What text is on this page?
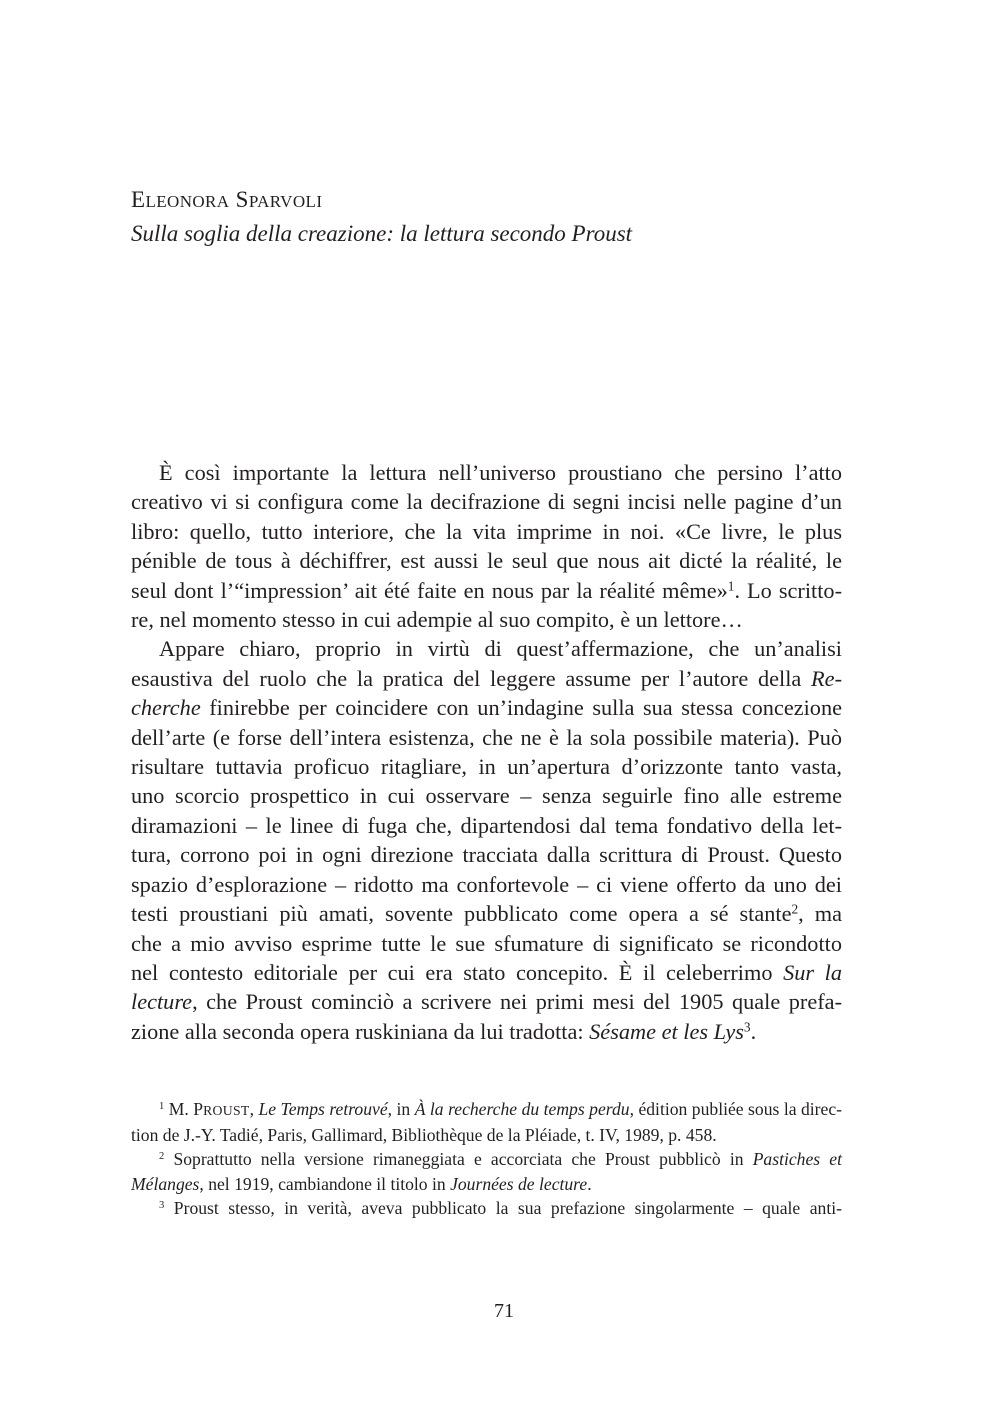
ELEONORA SPARVOLI
Sulla soglia della creazione: la lettura secondo Proust

È così importante la lettura nell’universo proustiano che persino l’atto
creativo vi si configura come la decifrazione di segni incisi nelle pagine d’un
libro: quello, tutto interiore, che la vita imprime in noi. «Ce livre, le plus
pénible de tous à déchiffrer, est aussi le seul que nous ait dicté la réalité, le
seul dont l’“impression’ ait été faite en nous par la réalité même»$^1$. Lo scritto-
re, nel momento stesso in cui adempie al suo compito, è un lettore…

Appare chiaro, proprio in virtù di quest’affermazione, che un’analisi
esaustiva del ruolo che la pratica del leggere assume per l’autore della Re-
cherche finirebbe per coincidere con un’indagine sulla sua stessa concezione
dell’arte (e forse dell’intera esistenza, che ne è la sola possibile materia). Può
risultare tuttavia proficuo ritagliare, in un’apertura d’orizzonte tanto vasta,
uno scorcio prospettico in cui osservare – senza seguirle fino alle estreme
diramazioni – le linee di fuga che, dipartendosi dal tema fondativo della let-
tura, corrono poi in ogni direzione tracciata dalla scrittura di Proust. Questo
spazio d’esplorazione – ridotto ma confortevole – ci viene offerto da uno dei
testi proustiani più amati, sovente pubblicato come opera a sé stante$^2$, ma
che a mio avviso esprime tutte le sue sfumature di significato se ricondotto
nel contesto editoriale per cui era stato concepito. È il celeberrimo Sur la
lecture, che Proust cominciò a scrivere nei primi mesi del 1905 quale prefa-
zione alla seconda opera ruskiniana da lui tradotta: Sésame et les Lys$^3$.

$^1$ M. PROUST, Le Temps retrouvé, in À la recherche du temps perdu, édition publiée sous la direc-
tion de J.-Y. Tadié, Paris, Gallimard, Bibliothèque de la Pléiade, t. IV, 1989, p. 458.
$^2$ Soprattutto nella versione rimaneggiata e accorciata che Proust pubblicò in Pastiches et
Mélanges, nel 1919, cambiandone il titolo in Journées de lecture.
$^3$ Proust stesso, in verità, aveva pubblicato la sua prefazione singolarmente – quale anti-
71
